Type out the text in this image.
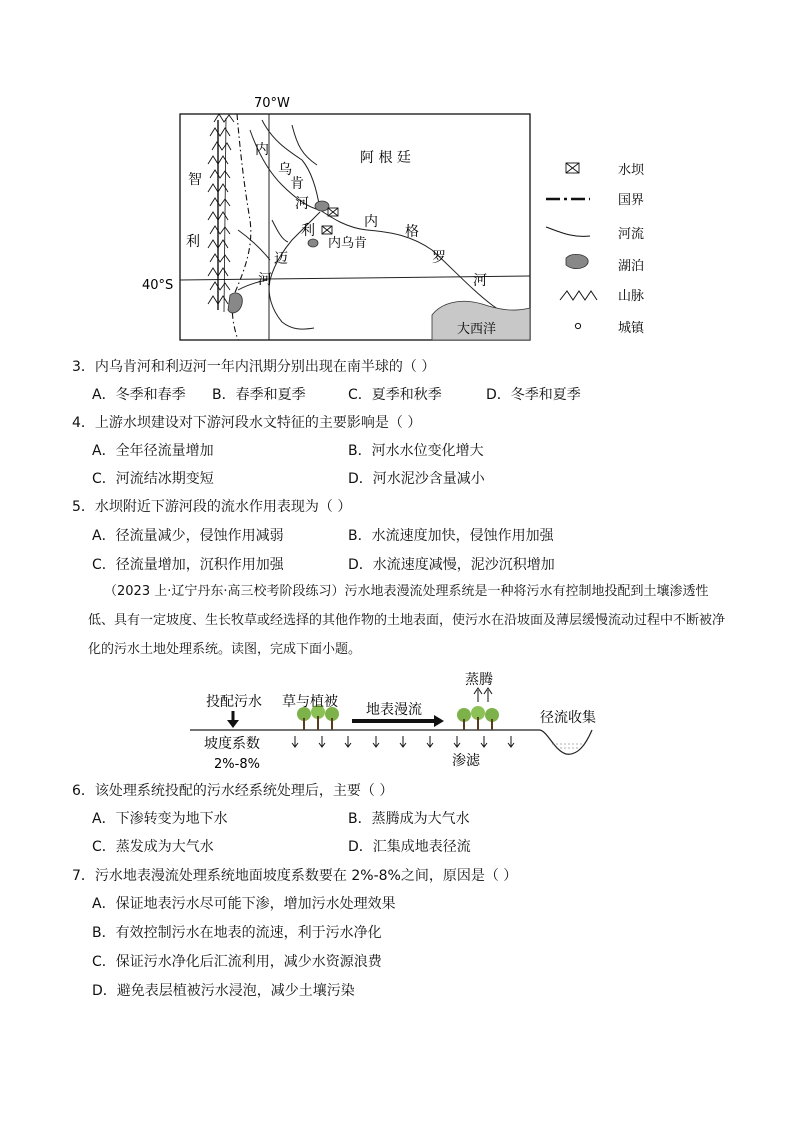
70°W
40°S
大西洋
智
利
阿 根 廷
内
乌
肯
河
利
迈
河
内
格
罗
河
内乌肯
水坝
国界
河流
湖泊
山脉
城镇
3．内乌肯河和利迈河一年内汛期分别出现在南半球的（ ）
A．冬季和春季 B．春季和夏季	C．夏季和秋季	D．冬季和夏季
4．上游水坝建设对下游河段水文特征的主要影响是（ ）
A．全年径流量增加	B．河水水位变化增大
C．河流结冰期变短	D．河水泥沙含量减小
5．水坝附近下游河段的流水作用表现为（ ）
A．径流量减少，侵蚀作用减弱	B．水流速度加快，侵蚀作用加强
C．径流量增加，沉积作用加强	D．水流速度减慢，泥沙沉积增加
（2023 上·辽宁丹东·高三校考阶段练习）污水地表漫流处理系统是一种将污水有控制地投配到土壤渗透性低、具有一定坡度、生长牧草或经选择的其他作物的土地表面，使污水在沿坡面及薄层缓慢流动过程中不断被净化的污水土地处理系统。读图，完成下面小题。
投配污水 草与植被 地表漫流
蒸腾
径流收集
坡度系数
2%-8%	渗滤
6．该处理系统投配的污水经系统处理后，主要（ ）
A．下渗转变为地下水	B．蒸腾成为大气水
C．蒸发成为大气水	D．汇集成地表径流
7．污水地表漫流处理系统地面坡度系数要在 2%-8%之间，原因是（ ）
A．保证地表污水尽可能下渗，增加污水处理效果
B．有效控制污水在地表的流速，利于污水净化
C．保证污水净化后汇流利用，减少水资源浪费
D．避免表层植被污水浸泡，减少土壤污染
